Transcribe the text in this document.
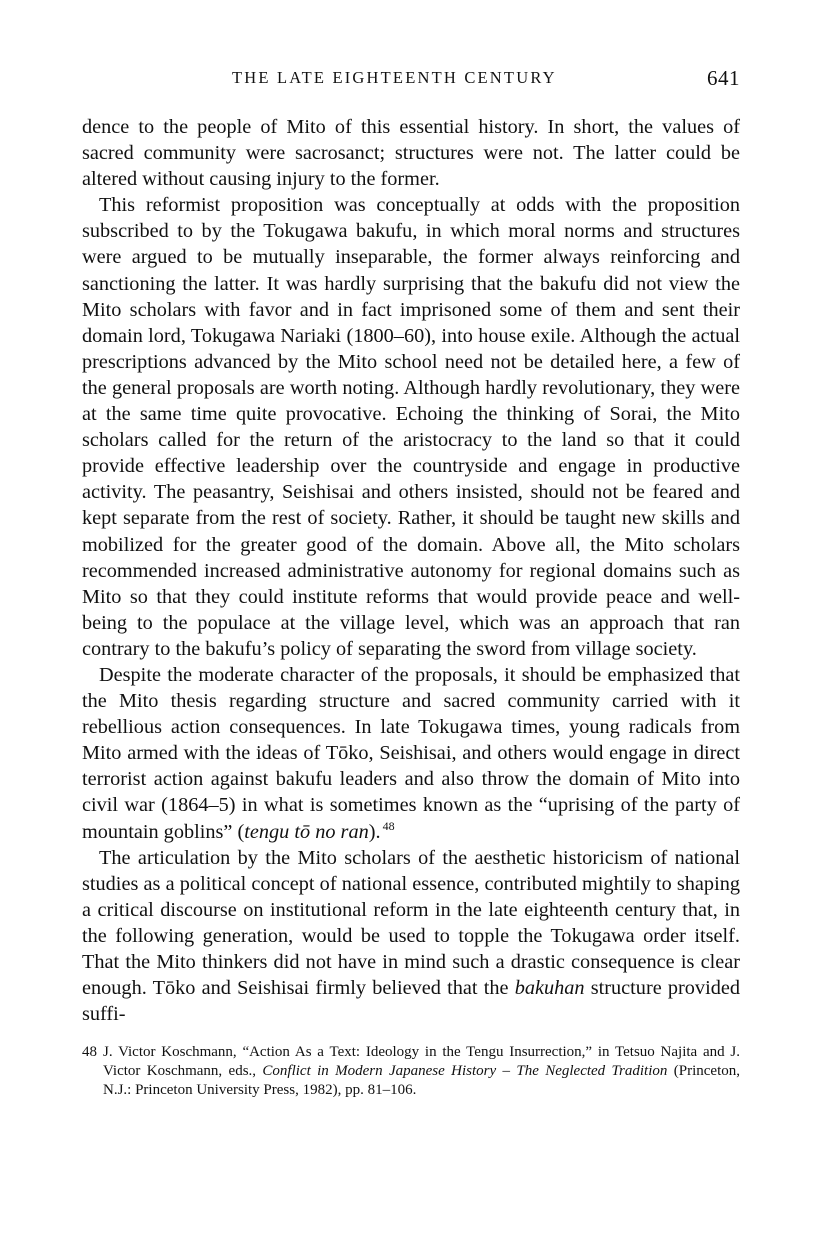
THE LATE EIGHTEENTH CENTURY	641

dence to the people of Mito of this essential history. In short, the values of sacred community were sacrosanct; structures were not. The latter could be altered without causing injury to the former.

This reformist proposition was conceptually at odds with the proposition subscribed to by the Tokugawa bakufu, in which moral norms and structures were argued to be mutually inseparable, the former always reinforcing and sanctioning the latter. It was hardly surprising that the bakufu did not view the Mito scholars with favor and in fact imprisoned some of them and sent their domain lord, Tokugawa Nariaki (1800–60), into house exile. Although the actual prescriptions advanced by the Mito school need not be detailed here, a few of the general proposals are worth noting. Although hardly revolutionary, they were at the same time quite provocative. Echoing the thinking of Sorai, the Mito scholars called for the return of the aristocracy to the land so that it could provide effective leadership over the countryside and engage in productive activity. The peasantry, Seishisai and others insisted, should not be feared and kept separate from the rest of society. Rather, it should be taught new skills and mobilized for the greater good of the domain. Above all, the Mito scholars recommended increased administrative autonomy for regional domains such as Mito so that they could institute reforms that would provide peace and well-being to the populace at the village level, which was an approach that ran contrary to the bakufu’s policy of separating the sword from village society.

Despite the moderate character of the proposals, it should be emphasized that the Mito thesis regarding structure and sacred community carried with it rebellious action consequences. In late Tokugawa times, young radicals from Mito armed with the ideas of Tōko, Seishisai, and others would engage in direct terrorist action against bakufu leaders and also throw the domain of Mito into civil war (1864–5) in what is sometimes known as the “uprising of the party of mountain goblins” (tengu tō no ran). $^{48}$

The articulation by the Mito scholars of the aesthetic historicism of national studies as a political concept of national essence, contributed mightily to shaping a critical discourse on institutional reform in the late eighteenth century that, in the following generation, would be used to topple the Tokugawa order itself. That the Mito thinkers did not have in mind such a drastic consequence is clear enough. Tōko and Seishisai firmly believed that the bakuhan structure provided suffi-

48 J. Victor Koschmann, “Action As a Text: Ideology in the Tengu Insurrection,” in Tetsuo Najita and J. Victor Koschmann, eds., Conflict in Modern Japanese History – The Neglected Tradition (Princeton, N.J.: Princeton University Press, 1982), pp. 81–106.
